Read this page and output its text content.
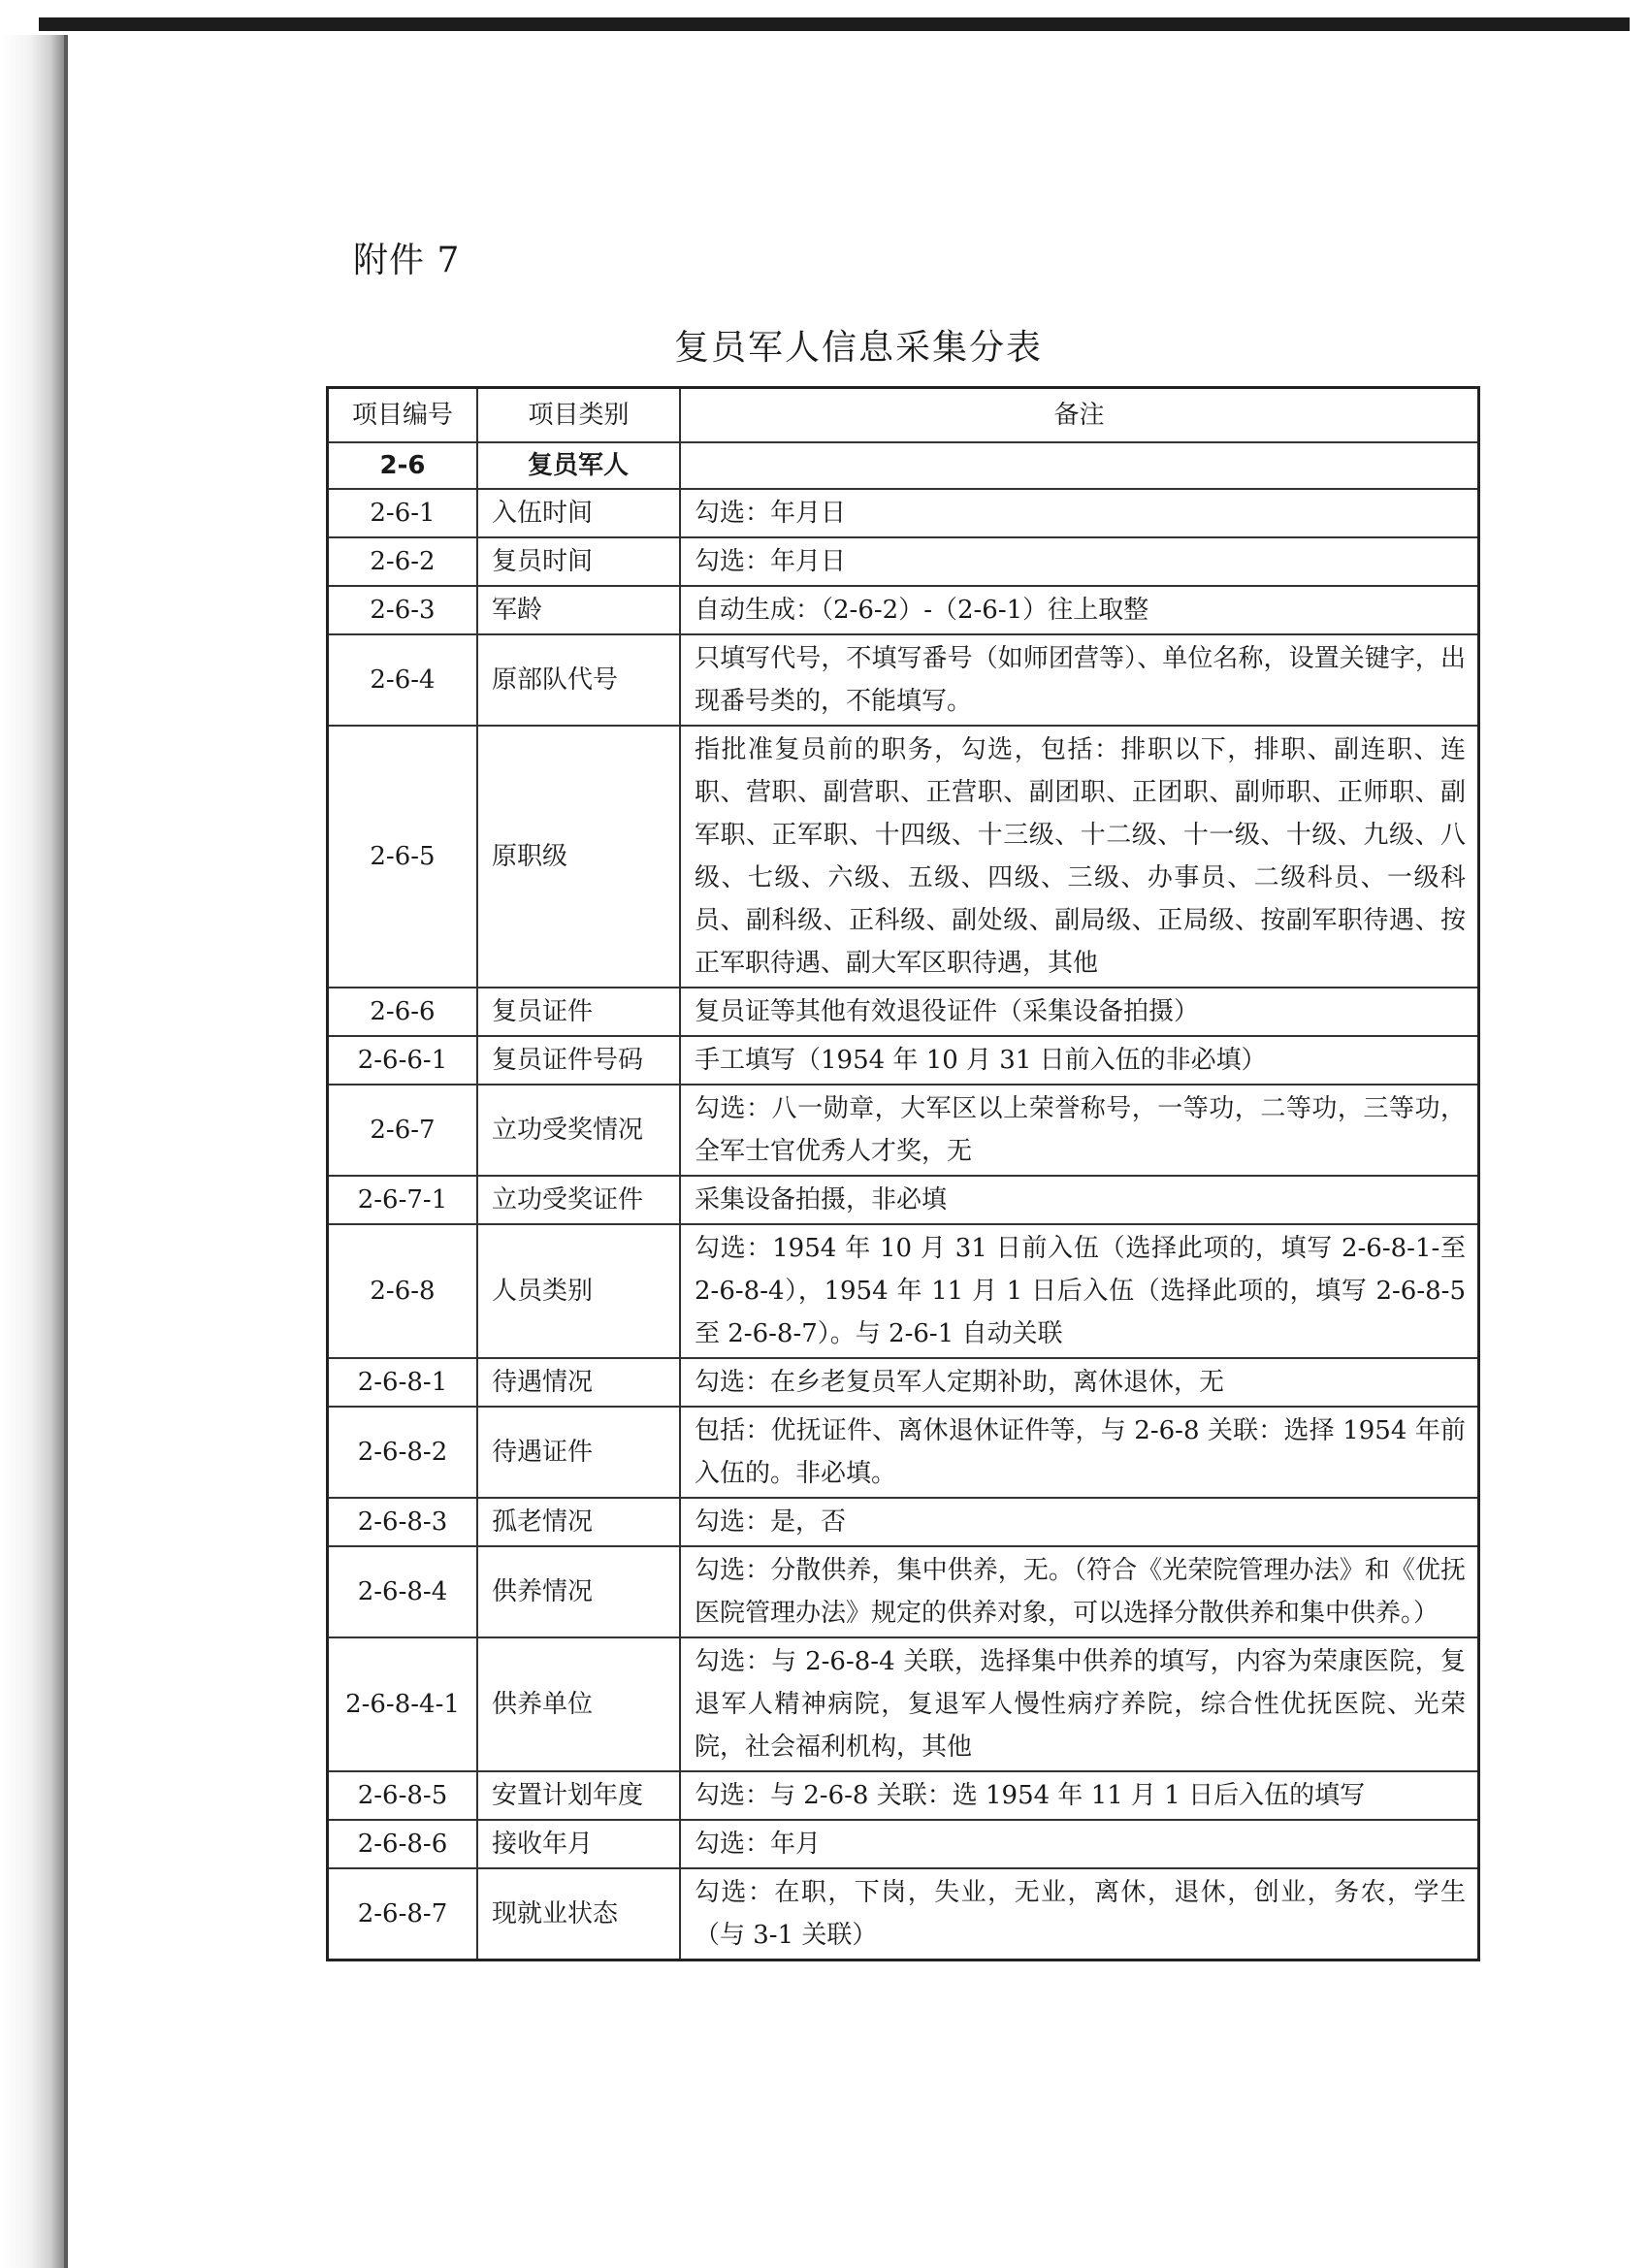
附件 7
复员军人信息采集分表
项目编号	项目类别	备注
2-6	复员军人	
2-6-1	入伍时间	勾选：年月日
2-6-2	复员时间	勾选：年月日
2-6-3	军龄	自动生成：（2-6-2）-（2-6-1）往上取整
2-6-4	原部队代号	只填写代号，不填写番号（如师团营等）、单位名称，设置关键字，出现番号类的，不能填写。
2-6-5	原职级	指批准复员前的职务，勾选，包括：排职以下，排职、副连职、连职、营职、副营职、正营职、副团职、正团职、副师职、正师职、副军职、正军职、十四级、十三级、十二级、十一级、十级、九级、八级、七级、六级、五级、四级、三级、办事员、二级科员、一级科员、副科级、正科级、副处级、副局级、正局级、按副军职待遇、按正军职待遇、副大军区职待遇，其他
2-6-6	复员证件	复员证等其他有效退役证件（采集设备拍摄）
2-6-6-1	复员证件号码	手工填写（1954 年 10 月 31 日前入伍的非必填）
2-6-7	立功受奖情况	勾选：八一勋章，大军区以上荣誉称号，一等功，二等功，三等功，全军士官优秀人才奖，无
2-6-7-1	立功受奖证件	采集设备拍摄，非必填
2-6-8	人员类别	勾选：1954 年 10 月 31 日前入伍（选择此项的，填写 2-6-8-1-至 2-6-8-4），1954 年 11 月 1 日后入伍（选择此项的，填写 2-6-8-5 至 2-6-8-7）。与 2-6-1 自动关联
2-6-8-1	待遇情况	勾选：在乡老复员军人定期补助，离休退休，无
2-6-8-2	待遇证件	包括：优抚证件、离休退休证件等，与 2-6-8 关联：选择 1954 年前入伍的。非必填。
2-6-8-3	孤老情况	勾选：是，否
2-6-8-4	供养情况	勾选：分散供养，集中供养，无。（符合《光荣院管理办法》和《优抚医院管理办法》规定的供养对象，可以选择分散供养和集中供养。）
2-6-8-4-1	供养单位	勾选：与 2-6-8-4 关联，选择集中供养的填写，内容为荣康医院，复退军人精神病院，复退军人慢性病疗养院，综合性优抚医院、光荣院，社会福利机构，其他
2-6-8-5	安置计划年度	勾选：与 2-6-8 关联：选 1954 年 11 月 1 日后入伍的填写
2-6-8-6	接收年月	勾选：年月
2-6-8-7	现就业状态	勾选：在职，下岗，失业，无业，离休，退休，创业，务农，学生（与 3-1 关联）
